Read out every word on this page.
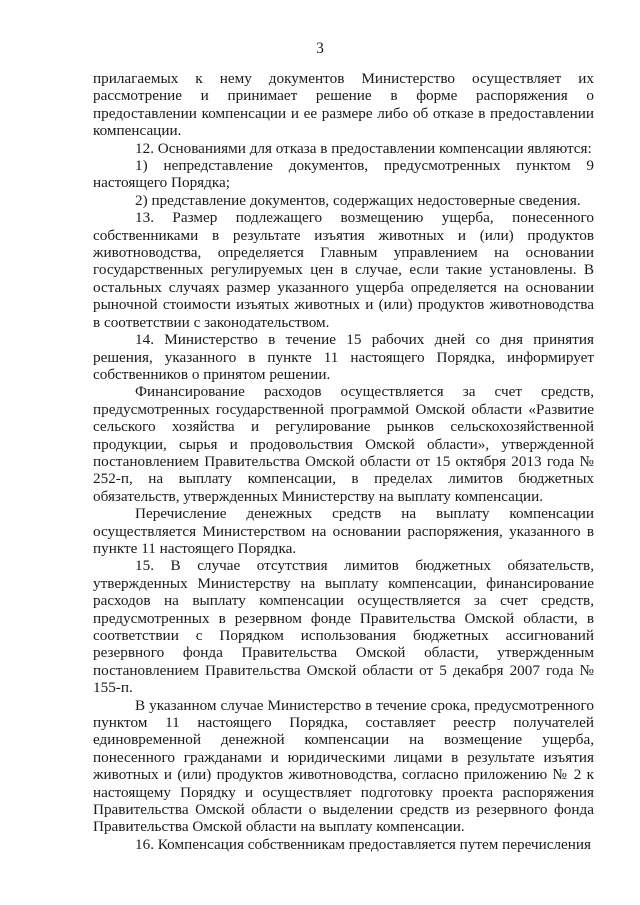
3

прилагаемых к нему документов Министерство осуществляет их рассмотрение и принимает решение в форме распоряжения о предоставлении компенсации и ее размере либо об отказе в предоставлении компенсации.

12. Основаниями для отказа в предоставлении компенсации являются:

1) непредставление документов, предусмотренных пунктом 9 настоящего Порядка;

2) представление документов, содержащих недостоверные сведения.

13. Размер подлежащего возмещению ущерба, понесенного собственниками в результате изъятия животных и (или) продуктов животноводства, определяется Главным управлением на основании государственных регулируемых цен в случае, если такие установлены. В остальных случаях размер указанного ущерба определяется на основании рыночной стоимости изъятых животных и (или) продуктов животноводства в соответствии с законодательством.

14. Министерство в течение 15 рабочих дней со дня принятия решения, указанного в пункте 11 настоящего Порядка, информирует собственников о принятом решении.

Финансирование расходов осуществляется за счет средств, предусмотренных государственной программой Омской области «Развитие сельского хозяйства и регулирование рынков сельскохозяйственной продукции, сырья и продовольствия Омской области», утвержденной постановлением Правительства Омской области от 15 октября 2013 года № 252-п, на выплату компенсации, в пределах лимитов бюджетных обязательств, утвержденных Министерству на выплату компенсации.

Перечисление денежных средств на выплату компенсации осуществляется Министерством на основании распоряжения, указанного в пункте 11 настоящего Порядка.

15. В случае отсутствия лимитов бюджетных обязательств, утвержденных Министерству на выплату компенсации, финансирование расходов на выплату компенсации осуществляется за счет средств, предусмотренных в резервном фонде Правительства Омской области, в соответствии с Порядком использования бюджетных ассигнований резервного фонда Правительства Омской области, утвержденным постановлением Правительства Омской области от 5 декабря 2007 года № 155-п.

В указанном случае Министерство в течение срока, предусмотренного пунктом 11 настоящего Порядка, составляет реестр получателей единовременной денежной компенсации на возмещение ущерба, понесенного гражданами и юридическими лицами в результате изъятия животных и (или) продуктов животноводства, согласно приложению № 2 к настоящему Порядку и осуществляет подготовку проекта распоряжения Правительства Омской области о выделении средств из резервного фонда Правительства Омской области на выплату компенсации.

16. Компенсация собственникам предоставляется путем перечисления
